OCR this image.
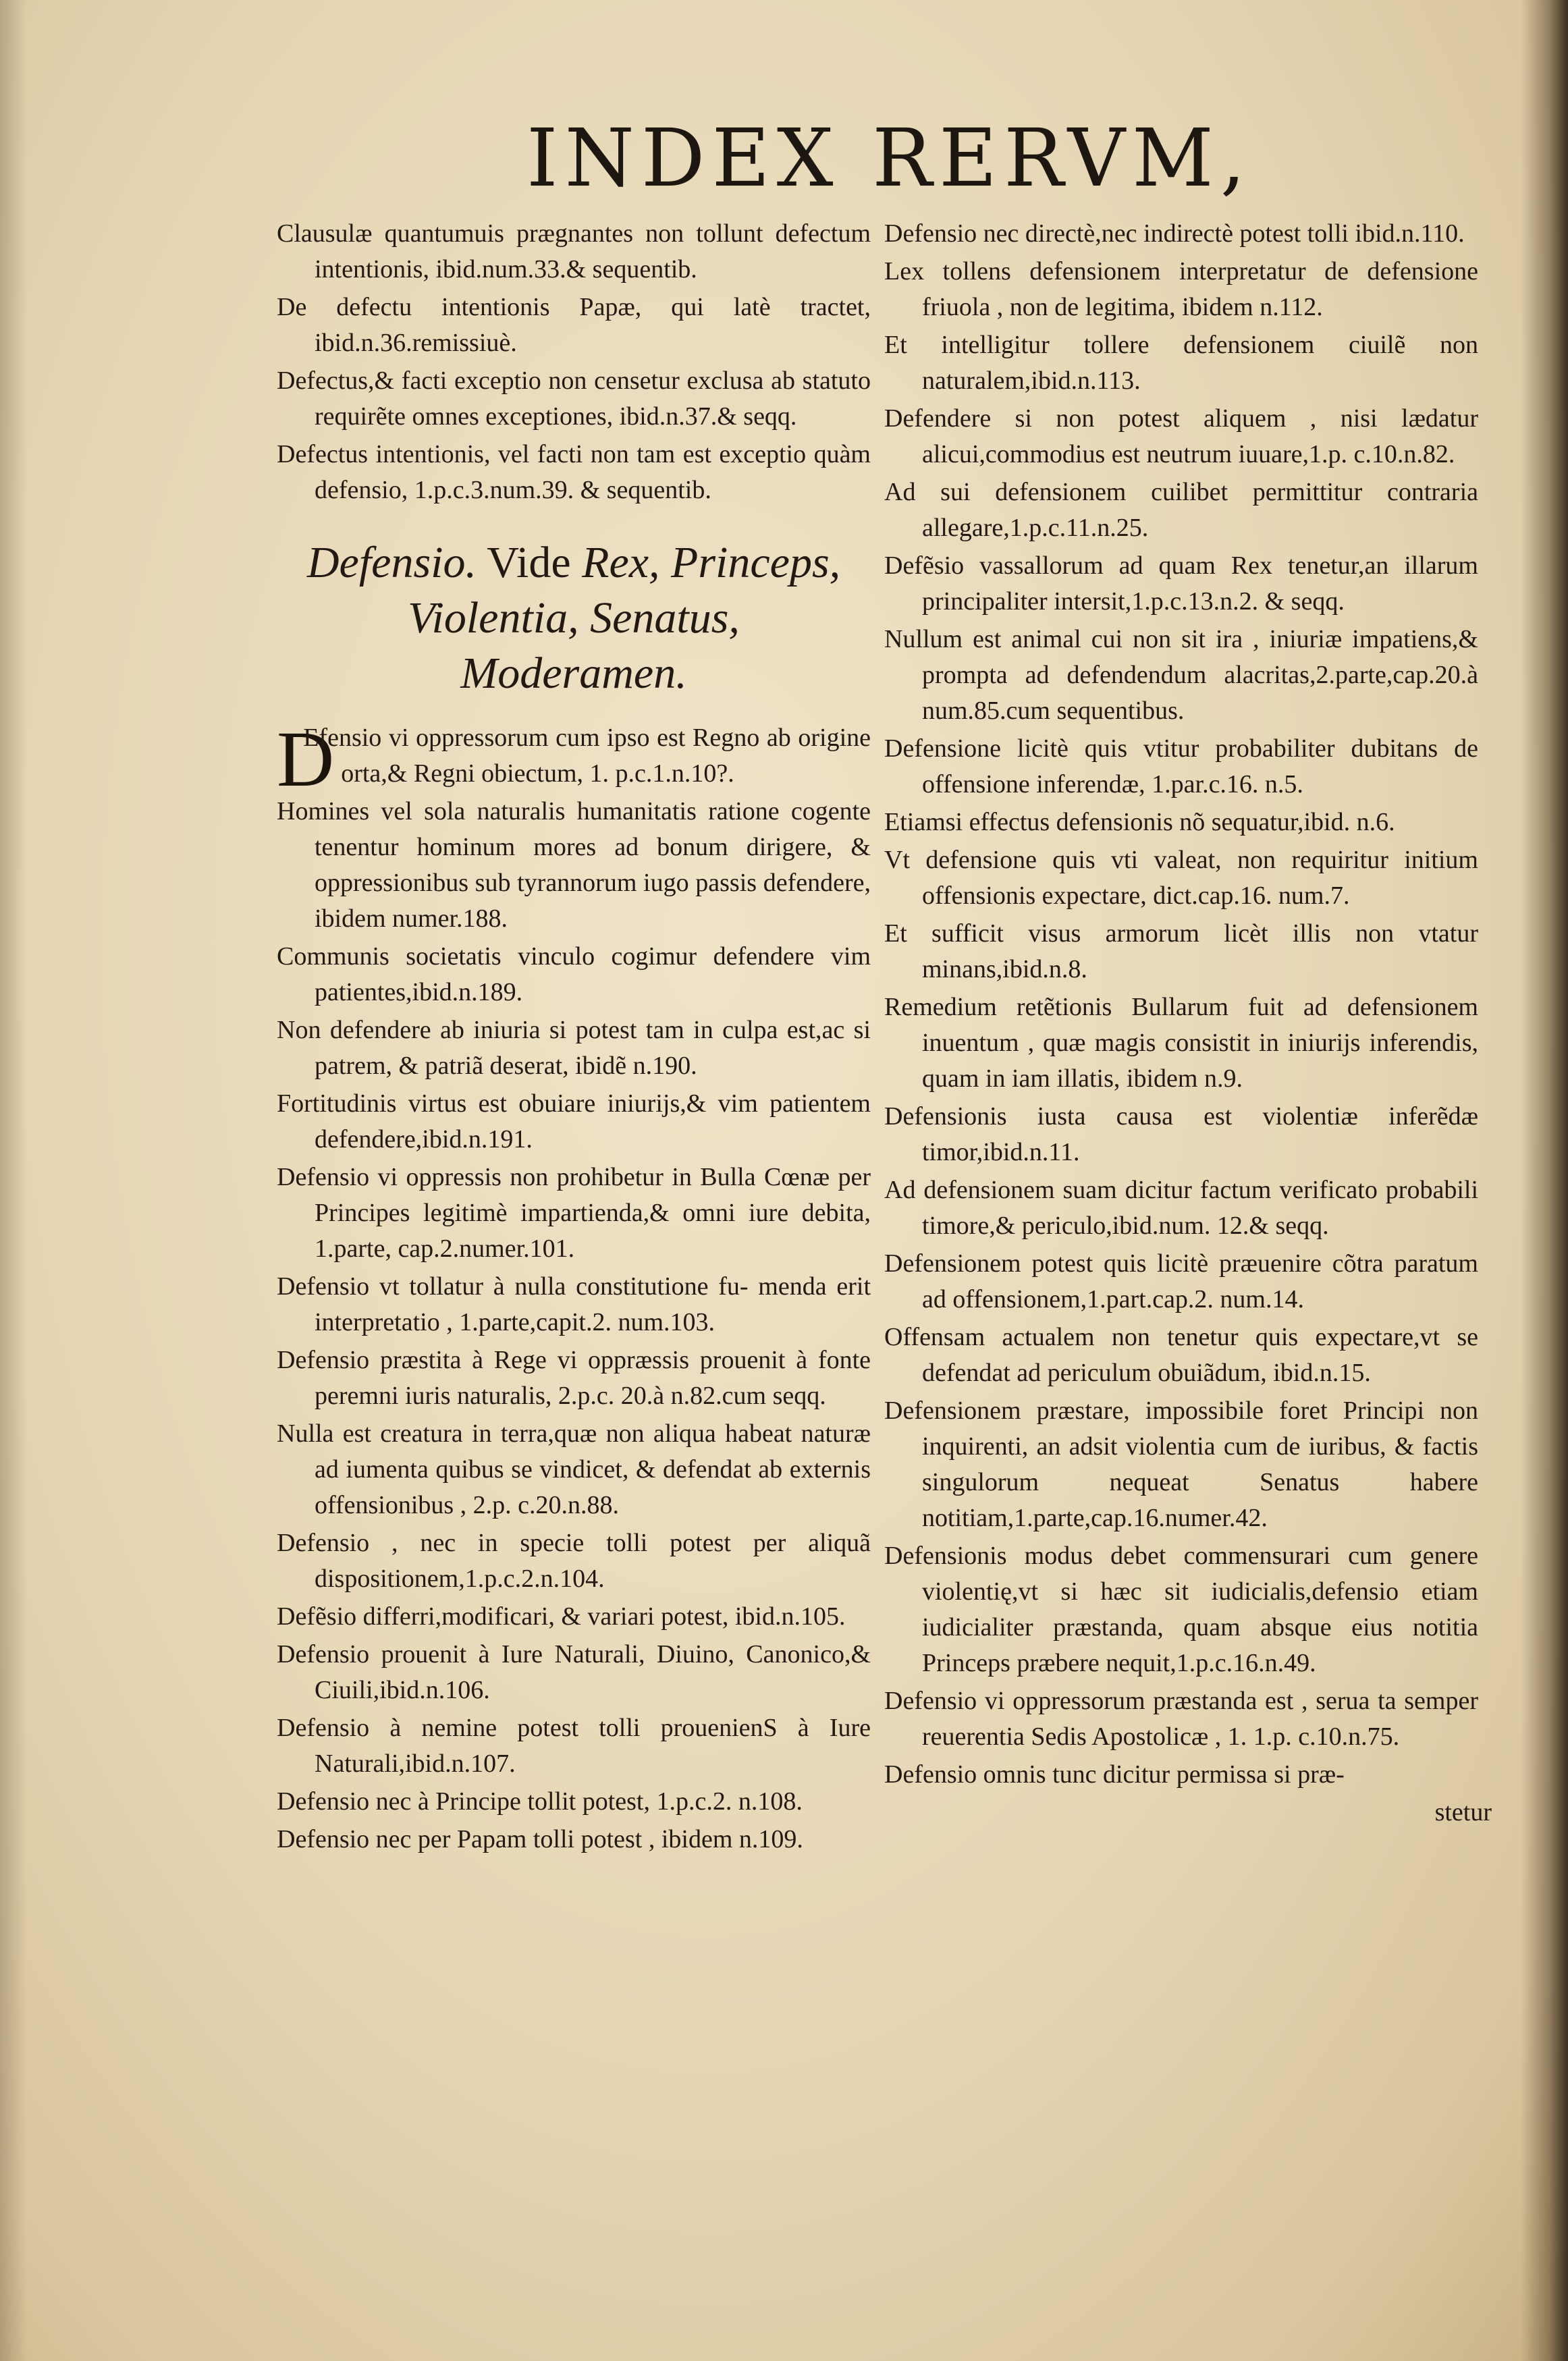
INDEX RERVM,

Clausulæ quantumuis prægnantes non tollunt defectum intentionis, ibid.num.33.& sequentib.

De defectu intentionis Papæ, qui latè tractet, ibid.n.36.remissiuè.

Defectus,& facti exceptio non censetur exclusa ab statuto requirẽte omnes exceptiones, ibid.n.37.& seqq.

Defectus intentionis, vel facti non tam est exceptio quàm defensio, 1.p.c.3.num.39. & sequentib.

Defensio. Vide Rex, Princeps,
Violentia, Senatus,
Moderamen.

D
Efensio vi oppressorum cum ipso est Regno ab origine orta,& Regni obiectum, 1. p.c.1.n.10?.

Homines vel sola naturalis humanitatis ratione cogente tenentur hominum mores ad bonum dirigere, & oppressionibus sub tyrannorum iugo passis defendere, ibidem numer.188.

Communis societatis vinculo cogimur defendere vim patientes,ibid.n.189.

Non defendere ab iniuria si potest tam in culpa est,ac si patrem, & patriã deserat, ibidẽ n.190.

Fortitudinis virtus est obuiare iniurijs,& vim patientem defendere,ibid.n.191.

Defensio vi oppressis non prohibetur in Bulla Cœnæ per Principes legitimè impartienda,& omni iure debita, 1.parte, cap.2.numer.101.

Defensio vt tollatur à nulla constitutione fu- menda erit interpretatio , 1.parte,capit.2. num.103.

Defensio præstita à Rege vi oppræssis prouenit à fonte peremni iuris naturalis, 2.p.c. 20.à n.82.cum seqq.

Nulla est creatura in terra,quæ non aliqua habeat naturæ ad iumenta quibus se vindicet, & defendat ab externis offensionibus , 2.p. c.20.n.88.

Defensio , nec in specie tolli potest per aliquã dispositionem,1.p.c.2.n.104.

Defẽsio differri,modificari, & variari potest, ibid.n.105.

Defensio prouenit à Iure Naturali, Diuino, Canonico,& Ciuili,ibid.n.106.

Defensio à nemine potest tolli prouenienS à Iure Naturali,ibid.n.107.

Defensio nec à Principe tollit potest, 1.p.c.2. n.108.

Defensio nec per Papam tolli potest , ibidem n.109.

Defensio nec directè,nec indirectè potest tolli ibid.n.110.

Lex tollens defensionem interpretatur de defensione friuola , non de legitima, ibidem n.112.

Et intelligitur tollere defensionem ciuilẽ non naturalem,ibid.n.113.

Defendere si non potest aliquem , nisi lædatur alicui,commodius est neutrum iuuare,1.p. c.10.n.82.

Ad sui defensionem cuilibet permittitur contraria allegare,1.p.c.11.n.25.

Defẽsio vassallorum ad quam Rex tenetur,an illarum principaliter intersit,1.p.c.13.n.2. & seqq.

Nullum est animal cui non sit ira , iniuriæ impatiens,& prompta ad defendendum alacritas,2.parte,cap.20.à num.85.cum sequentibus.

Defensione licitè quis vtitur probabiliter dubitans de offensione inferendæ, 1.par.c.16. n.5.

Etiamsi effectus defensionis nõ sequatur,ibid. n.6.

Vt defensione quis vti valeat, non requiritur initium offensionis expectare, dict.cap.16. num.7.

Et sufficit visus armorum licèt illis non vtatur minans,ibid.n.8.

Remedium retẽtionis Bullarum fuit ad defensionem inuentum , quæ magis consistit in iniurijs inferendis, quam in iam illatis, ibidem n.9.

Defensionis iusta causa est violentiæ inferẽdæ timor,ibid.n.11.

Ad defensionem suam dicitur factum verificato probabili timore,& periculo,ibid.num. 12.& seqq.

Defensionem potest quis licitè præuenire cõtra paratum ad offensionem,1.part.cap.2. num.14.

Offensam actualem non tenetur quis expectare,vt se defendat ad periculum obuiãdum, ibid.n.15.

Defensionem præstare, impossibile foret Principi non inquirenti, an adsit violentia cum de iuribus, & factis singulorum nequeat Senatus habere notitiam,1.parte,cap.16.numer.42.

Defensionis modus debet commensurari cum genere violentię,vt si hæc sit iudicialis,defensio etiam iudicialiter præstanda, quam absque eius notitia Princeps præbere nequit,1.p.c.16.n.49.

Defensio vi oppressorum præstanda est , serua ta semper reuerentia Sedis Apostolicæ , 1. 1.p. c.10.n.75.

Defensio omnis tunc dicitur permissa si præ-

stetur
